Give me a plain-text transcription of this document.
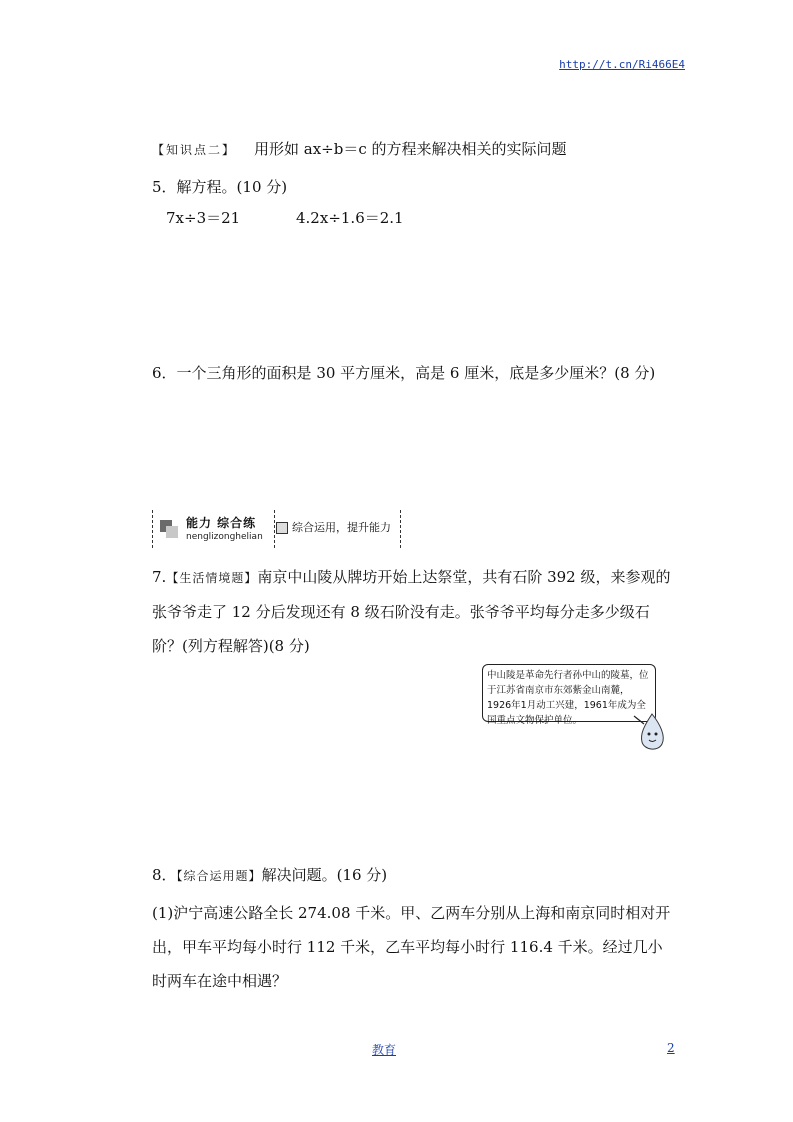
http://t.cn/Ri466E4
【知识点二】 用形如 ax÷b＝c 的方程来解决相关的实际问题
5．解方程。(10 分)
7x÷3＝21	4.2x÷1.6＝2.1
6．一个三角形的面积是 30 平方厘米，高是 6 厘米，底是多少厘米？(8 分)
能力 综合练
nenglizonghelian
综合运用，提升能力
7.【生活情境题】南京中山陵从牌坊开始上达祭堂，共有石阶 392 级，来参观的张爷爷走了 12 分后发现还有 8 级石阶没有走。张爷爷平均每分走多少级石阶？(列方程解答)(8 分)
中山陵是革命先行者孙中山的陵墓，位于江苏省南京市东郊紫金山南麓，1926年1月动工兴建，1961年成为全国重点文物保护单位。
8．【综合运用题】解决问题。(16 分)
(1)沪宁高速公路全长 274.08 千米。甲、乙两车分别从上海和南京同时相对开出，甲车平均每小时行 112 千米，乙车平均每小时行 116.4 千米。经过几小时两车在途中相遇？
教育	2
